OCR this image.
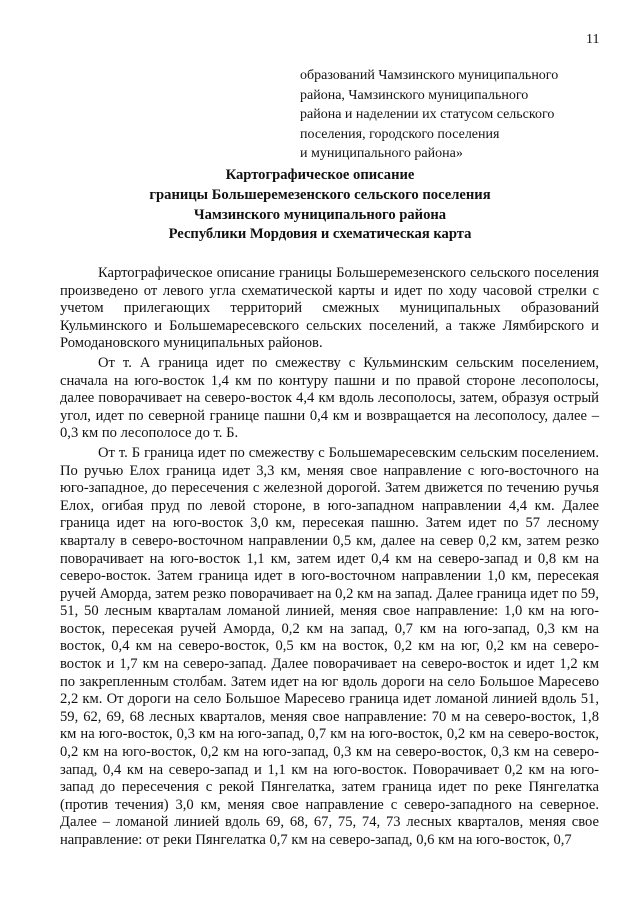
11
образований Чамзинского муниципального
района, Чамзинского муниципального
района и наделении их статусом сельского
поселения, городского поселения
и муниципального района»
Картографическое описание
границы Большеремезенского сельского поселения
Чамзинского муниципального района
Республики Мордовия и схематическая карта

Картографическое описание границы Большеремезенского сельского поселения произведено от левого угла схематической карты и идет по ходу часовой стрелки с учетом прилегающих территорий смежных муниципальных образований Кульминского и Большемаресевского сельских поселений, а также Лямбирского и Ромодановского муниципальных районов.

От т. А граница идет по смежеству с Кульминским сельским поселением, сначала на юго-восток 1,4 км по контуру пашни и по правой стороне лесополосы, далее поворачивает на северо-восток 4,4 км вдоль лесополосы, затем, образуя острый угол, идет по северной границе пашни 0,4 км и возвращается на лесополосу, далее – 0,3 км по лесополосе до т. Б.

От т. Б граница идет по смежеству с Большемаресевским сельским поселением. По ручью Елох граница идет 3,3 км, меняя свое направление с юго-восточного на юго-западное, до пересечения с железной дорогой. Затем движется по течению ручья Елох, огибая пруд по левой стороне, в юго-западном направлении 4,4 км. Далее граница идет на юго-восток 3,0 км, пересекая пашню. Затем идет по 57 лесному кварталу в северо-восточном направлении 0,5 км, далее на север 0,2 км, затем резко поворачивает на юго-восток 1,1 км, затем идет 0,4 км на северо-запад и 0,8 км на северо-восток. Затем граница идет в юго-восточном направлении 1,0 км, пересекая ручей Аморда, затем резко поворачивает на 0,2 км на запад. Далее граница идет по 59, 51, 50 лесным кварталам ломаной линией, меняя свое направление: 1,0 км на юго-восток, пересекая ручей Аморда, 0,2 км на запад, 0,7 км на юго-запад, 0,3 км на восток, 0,4 км на северо-восток, 0,5 км на восток, 0,2 км на юг, 0,2 км на северо-восток и 1,7 км на северо-запад. Далее поворачивает на северо-восток и идет 1,2 км по закрепленным столбам. Затем идет на юг вдоль дороги на село Большое Маресево 2,2 км. От дороги на село Большое Маресево граница идет ломаной линией вдоль 51, 59, 62, 69, 68 лесных кварталов, меняя свое направление: 70 м на северо-восток, 1,8 км на юго-восток, 0,3 км на юго-запад, 0,7 км на юго-восток, 0,2 км на северо-восток, 0,2 км на юго-восток, 0,2 км на юго-запад, 0,3 км на северо-восток, 0,3 км на северо-запад, 0,4 км на северо-запад и 1,1 км на юго-восток. Поворачивает 0,2 км на юго-запад до пересечения с рекой Пянгелатка, затем граница идет по реке Пянгелатка (против течения) 3,0 км, меняя свое направление с северо-западного на северное. Далее – ломаной линией вдоль 69, 68, 67, 75, 74, 73 лесных кварталов, меняя свое направление: от реки Пянгелатка 0,7 км на северо-запад, 0,6 км на юго-восток, 0,7
